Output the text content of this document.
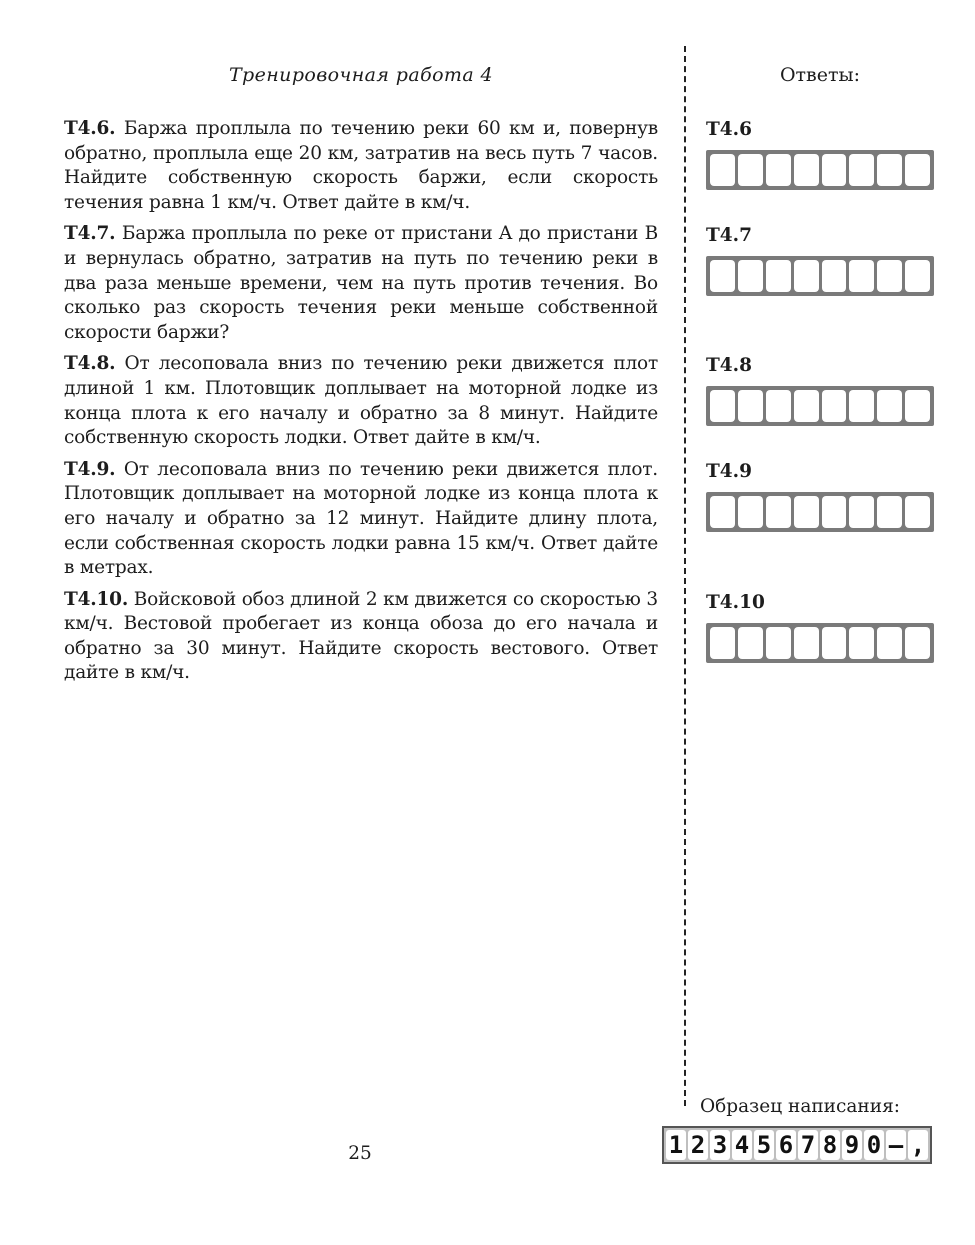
Тренировочная работа 4	Ответы:

T4.6. Баржа проплыла по течению реки 60 км и, повернув обратно, проплыла еще 20 км, затратив на весь путь 7 часов. Найдите собственную скорость баржи, если скорость течения равна 1 км/ч. Ответ дайте в км/ч.

T4.7. Баржа проплыла по реке от пристани A до пристани B и вернулась обратно, затратив на путь по течению реки в два раза меньше времени, чем на путь против течения. Во сколько раз скорость течения реки меньше собственной скорости баржи?

T4.8. От лесоповала вниз по течению реки движется плот длиной 1 км. Плотовщик доплывает на моторной лодке из конца плота к его началу и обратно за 8 минут. Найдите собственную скорость лодки. Ответ дайте в км/ч.

T4.9. От лесоповала вниз по течению реки движется плот. Плотовщик доплывает на моторной лодке из конца плота к его началу и обратно за 12 минут. Найдите длину плота, если собственная скорость лодки равна 15 км/ч. Ответ дайте в метрах.

T4.10. Войсковой обоз длиной 2 км движется со скоростью 3 км/ч. Вестовой пробегает из конца обоза до его начала и обратно за 30 минут. Найдите скорость вестового. Ответ дайте в км/ч.

T4.6
T4.7
T4.8
T4.9
T4.10
Образец написания:
1 2 3 4 5 6 7 8 9 0 – ,
25
